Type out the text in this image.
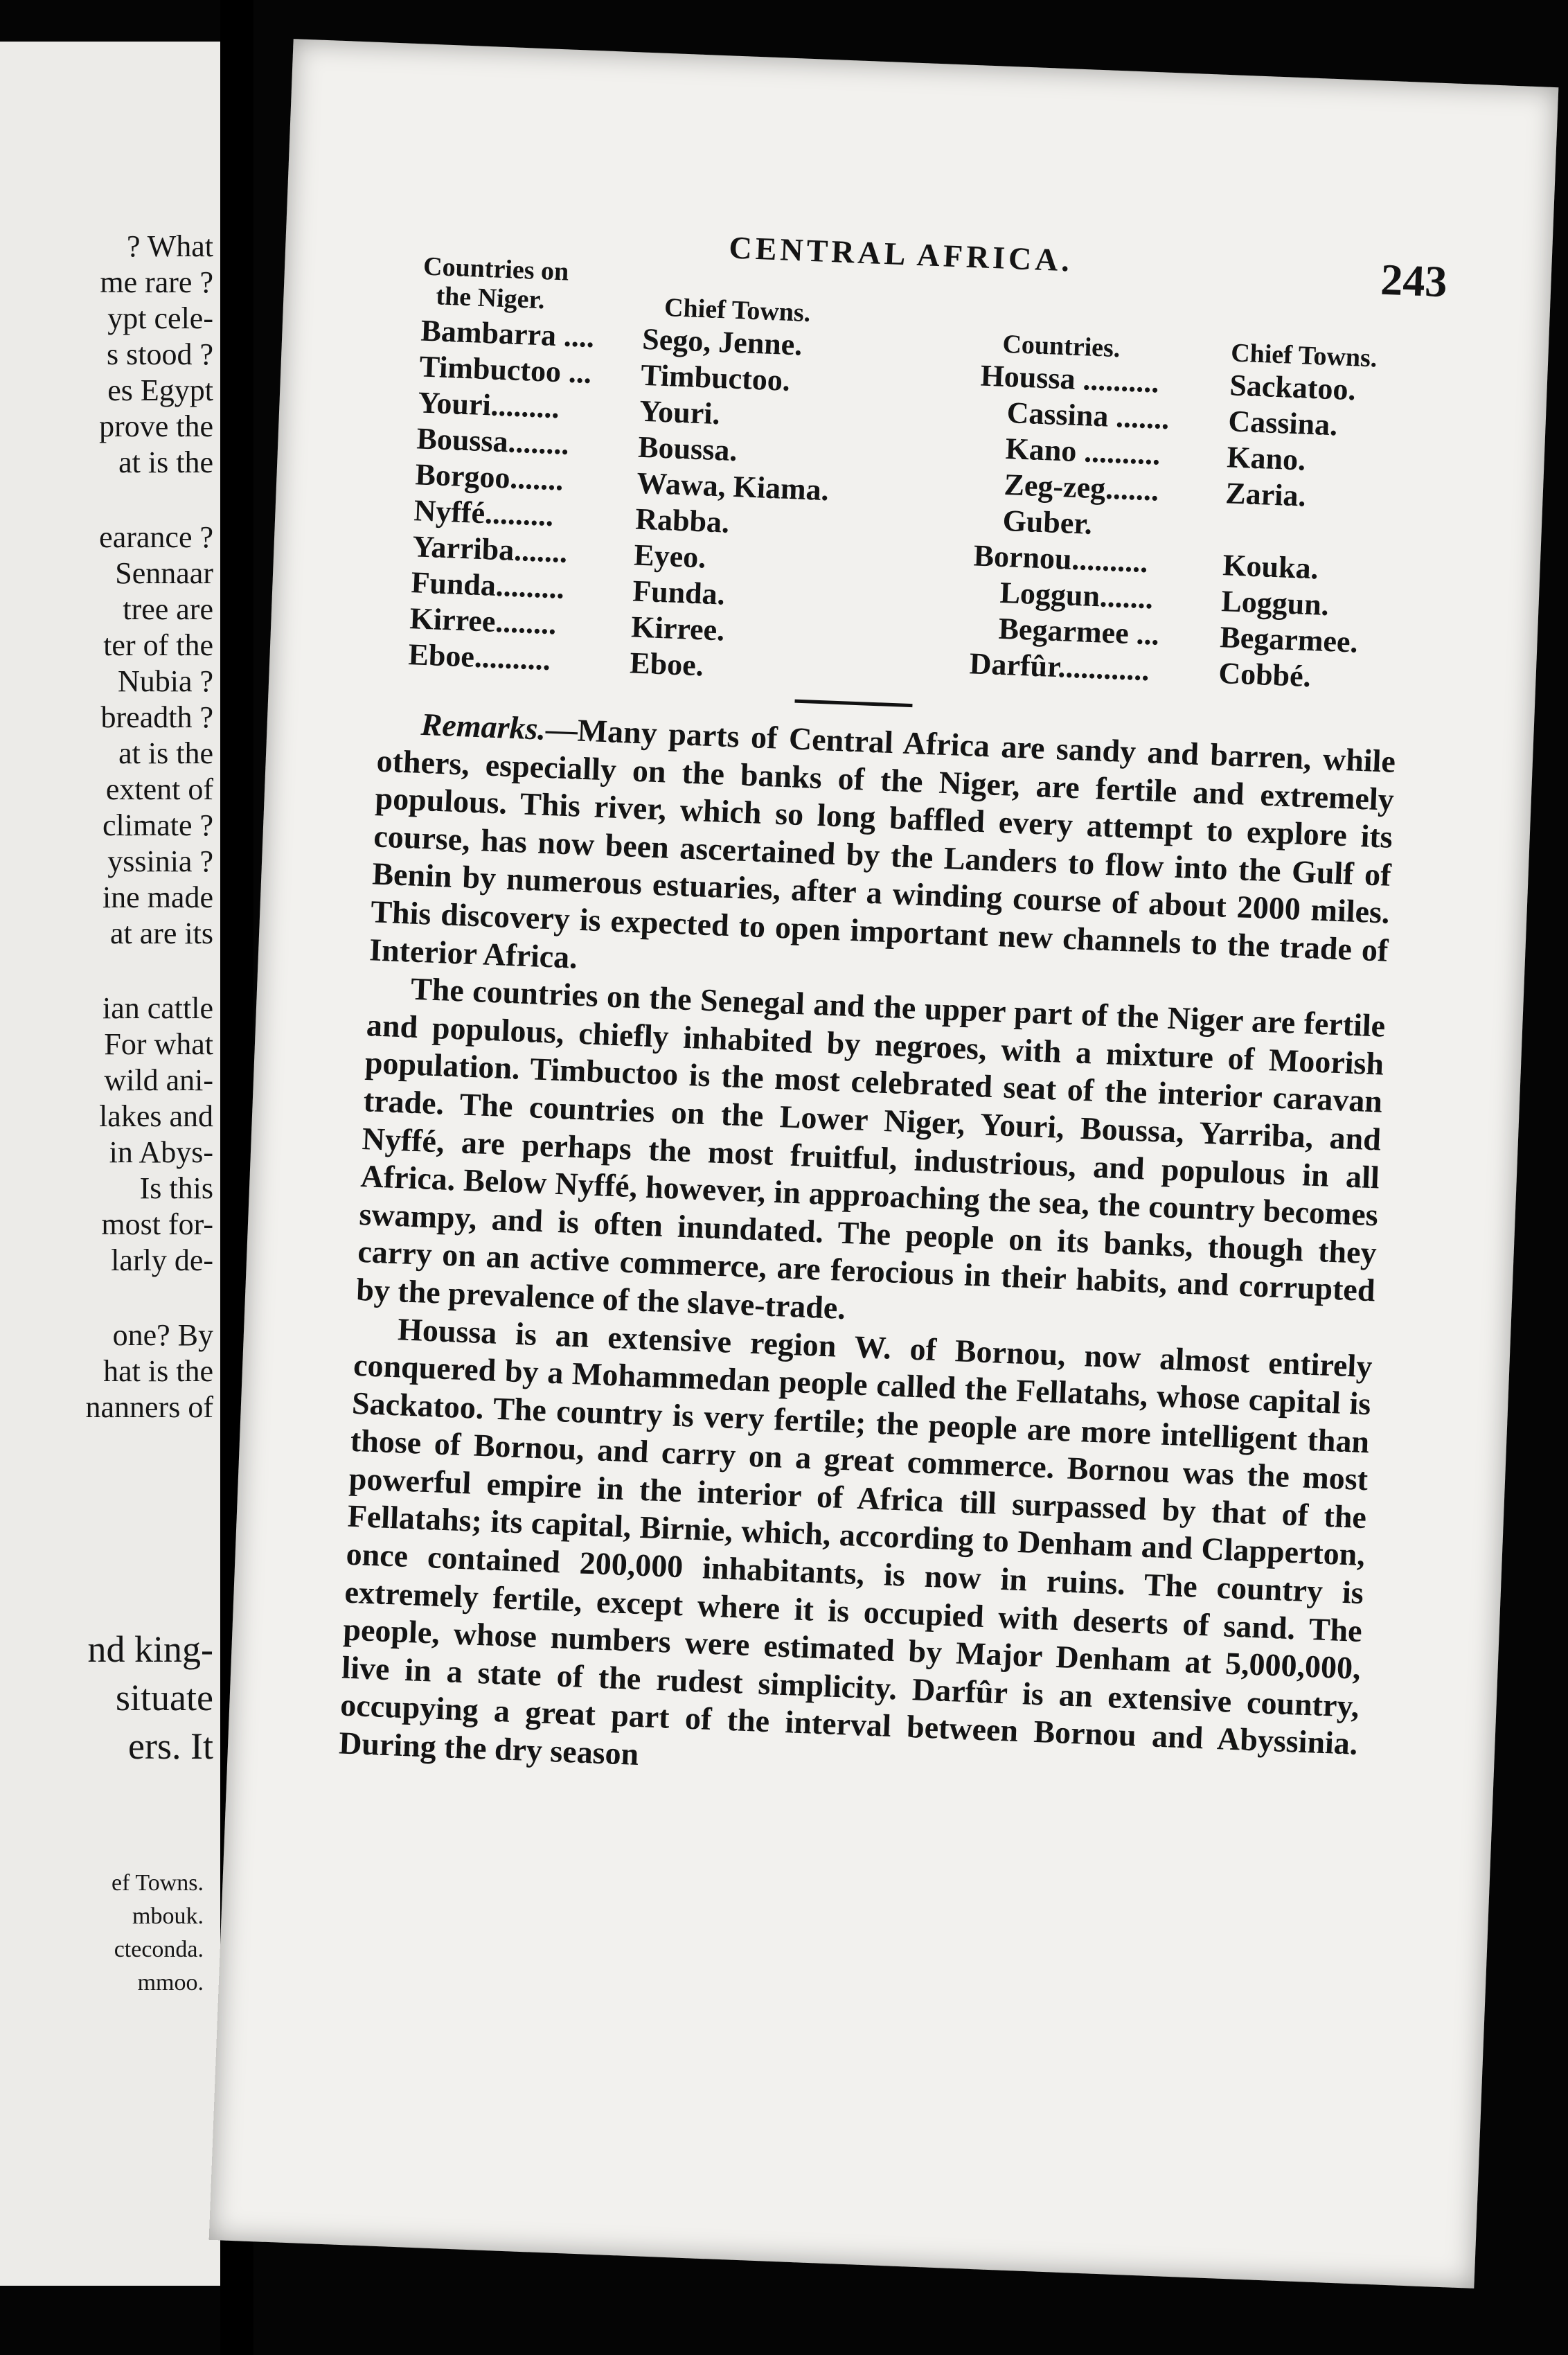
? What
me rare ?
ypt cele-
s stood ?
es Egypt
prove the
at is the
earance ?
Sennaar
tree are
ter of the
Nubia ?
breadth ?
at is the
extent of
climate ?
yssinia ?
ine made
at are its
ian cattle
For what
wild ani-
lakes and
in Abys-
Is this
most for-
larly de-
one? By
hat is the
nanners of
nd king-
situate
ers. It
ef Towns.
mbouk.
cteconda.
mmoo.
CENTRAL AFRICA.
243
Countries on
the Niger.	Chief Towns.
Bambarra ....	Sego, Jenne.
Timbuctoo ...	Timbuctoo.
Youri.........	Youri.
Boussa........	Boussa.
Borgoo.......	Wawa, Kiama.
Nyffé.........	Rabba.
Yarriba.......	Eyeo.
Funda.........	Funda.
Kirree........	Kirree.
Eboe..........	Eboe.
Countries.	Chief Towns.
Houssa ..........	Sackatoo.
Cassina .......	Cassina.
Kano ..........	Kano.
Zeg-zeg.......	Zaria.
Guber.
Bornou..........	Kouka.
Loggun.......	Loggun.
Begarmee ...	Begarmee.
Darfûr............	Cobbé.

Remarks.—Many parts of Central Africa are sandy and barren, while others, especially on the banks of the Niger, are fertile and extremely populous. This river, which so long baffled every attempt to explore its course, has now been ascertained by the Landers to flow into the Gulf of Benin by numerous estuaries, after a winding course of about 2000 miles. This discovery is expected to open important new channels to the trade of Interior Africa.

The countries on the Senegal and the upper part of the Niger are fertile and populous, chiefly inhabited by negroes, with a mixture of Moorish population. Timbuctoo is the most celebrated seat of the interior caravan trade. The countries on the Lower Niger, Youri, Boussa, Yarriba, and Nyffé, are perhaps the most fruitful, industrious, and populous in all Africa. Below Nyffé, however, in approaching the sea, the country becomes swampy, and is often inundated. The people on its banks, though they carry on an active commerce, are ferocious in their habits, and corrupted by the prevalence of the slave-trade.

Houssa is an extensive region W. of Bornou, now almost entirely conquered by a Mohammedan people called the Fellatahs, whose capital is Sackatoo. The country is very fertile; the people are more intelligent than those of Bornou, and carry on a great commerce. Bornou was the most powerful empire in the interior of Africa till surpassed by that of the Fellatahs; its capital, Birnie, which, according to Denham and Clapperton, once contained 200,000 inhabitants, is now in ruins. The country is extremely fertile, except where it is occupied with deserts of sand. The people, whose numbers were estimated by Major Denham at 5,000,000, live in a state of the rudest simplicity. Darfûr is an extensive country, occupying a great part of the interval between Bornou and Abyssinia. During the dry season
